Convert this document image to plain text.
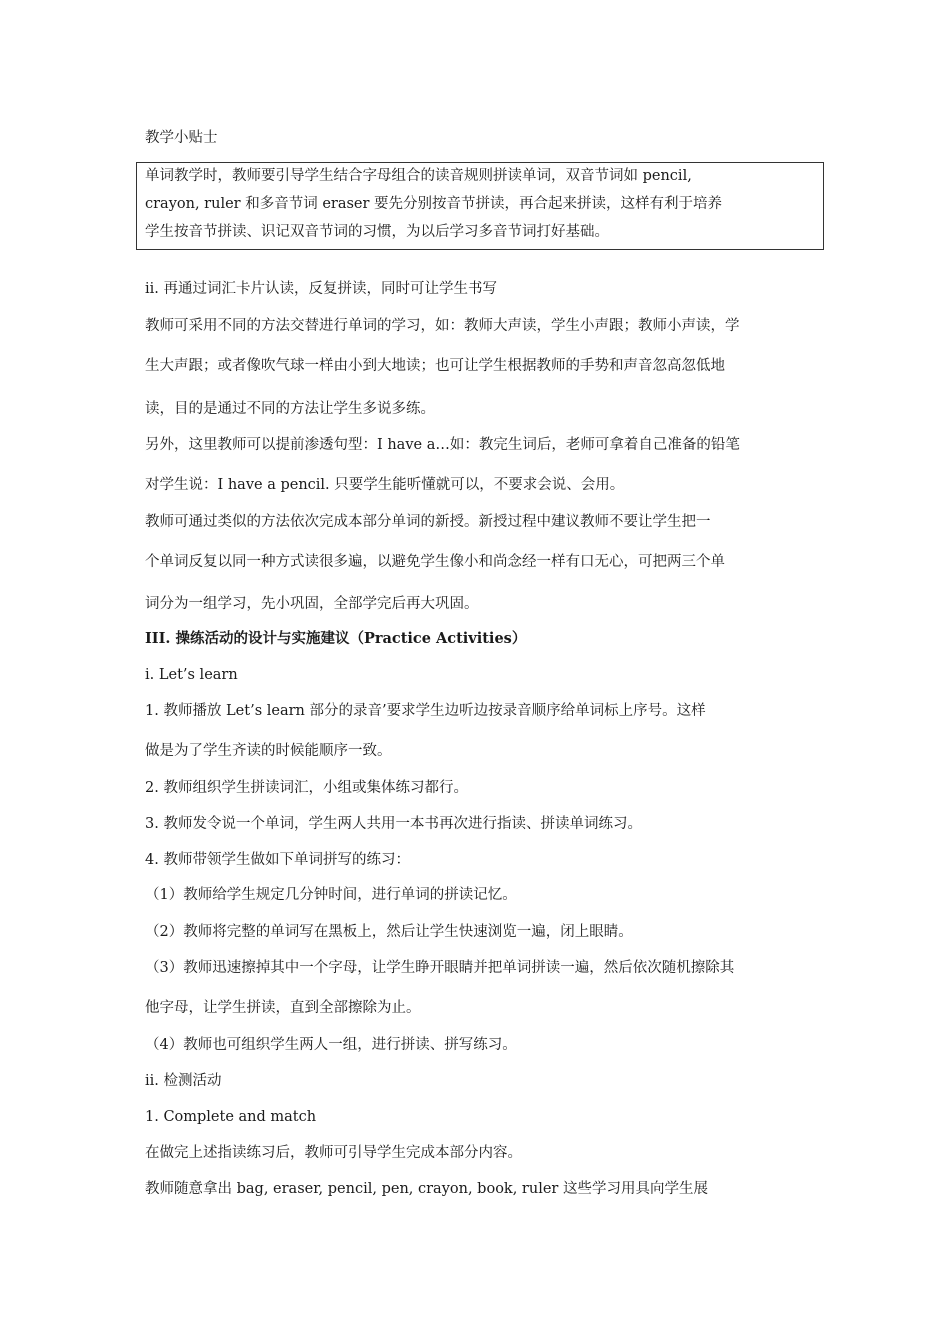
教学小贴士
单词教学时，教师要引导学生结合字母组合的读音规则拼读单词，双音节词如 pencil,
crayon, ruler 和多音节词 eraser 要先分别按音节拼读，再合起来拼读，这样有利于培养
学生按音节拼读、识记双音节词的习惯，为以后学习多音节词打好基础。
ii. 再通过词汇卡片认读，反复拼读，同时可让学生书写
教师可采用不同的方法交替进行单词的学习，如：教师大声读，学生小声跟；教师小声读，学
生大声跟；或者像吹气球一样由小到大地读；也可让学生根据教师的手势和声音忽高忽低地
读，目的是通过不同的方法让学生多说多练。
另外，这里教师可以提前渗透句型：I have a…如：教完生词后，老师可拿着自己准备的铅笔
对学生说：I have a pencil. 只要学生能听懂就可以，不要求会说、会用。
教师可通过类似的方法依次完成本部分单词的新授。新授过程中建议教师不要让学生把一
个单词反复以同一种方式读很多遍，以避免学生像小和尚念经一样有口无心，可把两三个单
词分为一组学习，先小巩固，全部学完后再大巩固。
III. 操练活动的设计与实施建议（Practice Activities）
i. Let’s learn
1. 教师播放 Let’s learn 部分的录音’要求学生边听边按录音顺序给单词标上序号。这样
做是为了学生齐读的时候能顺序一致。
2. 教师组织学生拼读词汇，小组或集体练习都行。
3. 教师发令说一个单词，学生两人共用一本书再次进行指读、拼读单词练习。
4. 教师带领学生做如下单词拼写的练习：
（1）教师给学生规定几分钟时间，进行单词的拼读记忆。
（2）教师将完整的单词写在黑板上，然后让学生快速浏览一遍，闭上眼睛。
（3）教师迅速擦掉其中一个字母，让学生睁开眼睛并把单词拼读一遍，然后依次随机擦除其
他字母，让学生拼读，直到全部擦除为止。
（4）教师也可组织学生两人一组，进行拼读、拼写练习。
ii. 检测活动
1. Complete and match
在做完上述指读练习后，教师可引导学生完成本部分内容。
教师随意拿出 bag, eraser, pencil, pen, crayon, book, ruler 这些学习用具向学生展
